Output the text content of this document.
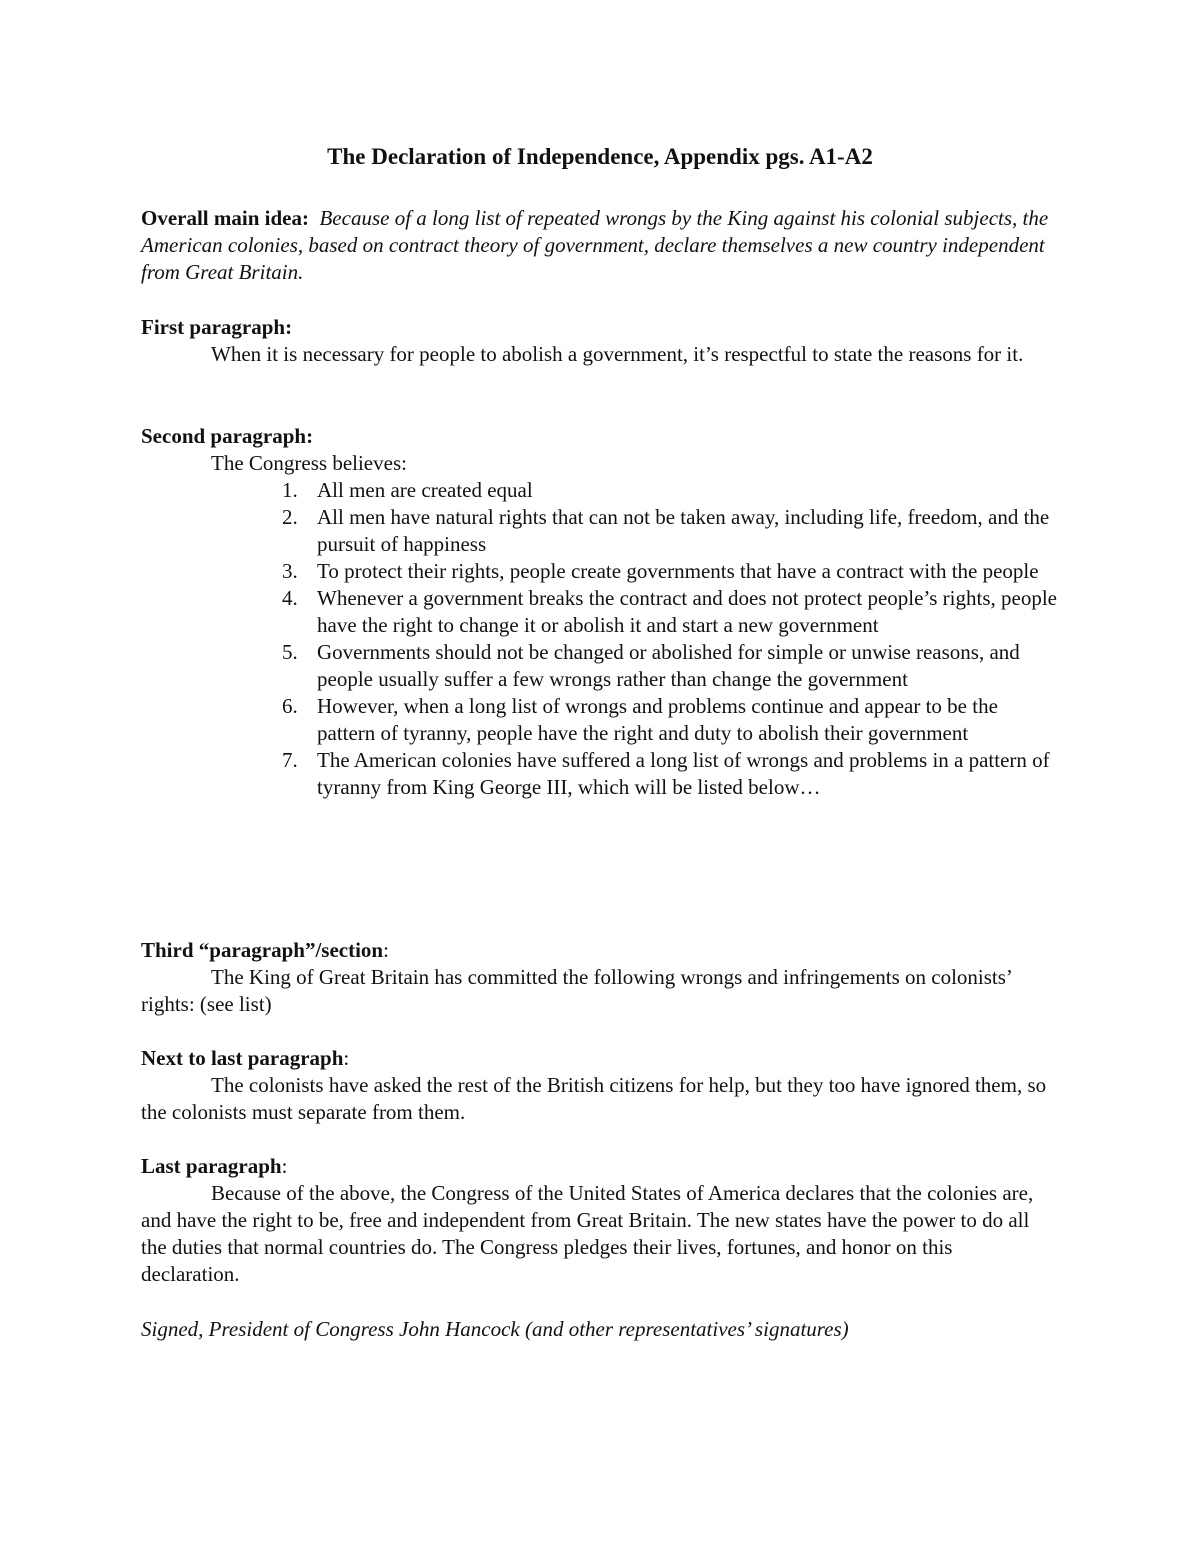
The Declaration of Independence, Appendix pgs. A1-A2
Overall main idea: Because of a long list of repeated wrongs by the King against his colonial subjects, the American colonies, based on contract theory of government, declare themselves a new country independent from Great Britain.
First paragraph:
When it is necessary for people to abolish a government, it’s respectful to state the reasons for it.
Second paragraph:
The Congress believes:
1. All men are created equal
2. All men have natural rights that can not be taken away, including life, freedom, and the pursuit of happiness
3. To protect their rights, people create governments that have a contract with the people
4. Whenever a government breaks the contract and does not protect people’s rights, people have the right to change it or abolish it and start a new government
5. Governments should not be changed or abolished for simple or unwise reasons, and people usually suffer a few wrongs rather than change the government
6. However, when a long list of wrongs and problems continue and appear to be the pattern of tyranny, people have the right and duty to abolish their government
7. The American colonies have suffered a long list of wrongs and problems in a pattern of tyranny from King George III, which will be listed below…
Third “paragraph”/section:
The King of Great Britain has committed the following wrongs and infringements on colonists’ rights: (see list)
Next to last paragraph:
The colonists have asked the rest of the British citizens for help, but they too have ignored them, so the colonists must separate from them.
Last paragraph:
Because of the above, the Congress of the United States of America declares that the colonies are, and have the right to be, free and independent from Great Britain. The new states have the power to do all the duties that normal countries do. The Congress pledges their lives, fortunes, and honor on this declaration.
Signed, President of Congress John Hancock (and other representatives’ signatures)
